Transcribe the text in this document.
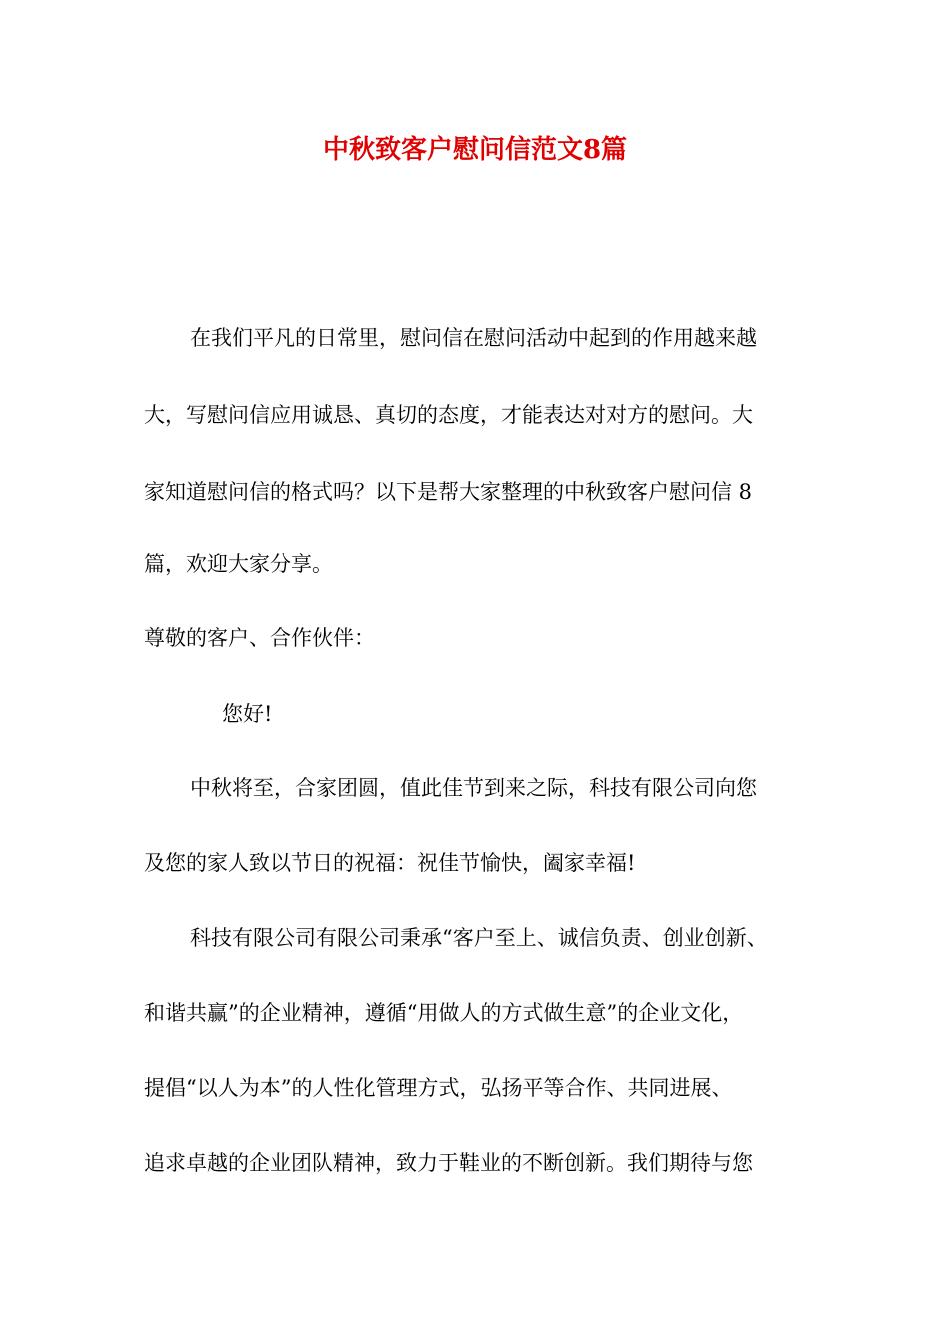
中秋致客户慰问信范文8篇
在我们平凡的日常里，慰问信在慰问活动中起到的作用越来越
大，写慰问信应用诚恳、真切的态度，才能表达对对方的慰问。大
家知道慰问信的格式吗？以下是帮大家整理的中秋致客户慰问信 8
篇，欢迎大家分享。
尊敬的客户、合作伙伴：
您好!
中秋将至，合家团圆，值此佳节到来之际，科技有限公司向您
及您的家人致以节日的祝福：祝佳节愉快，阖家幸福!
科技有限公司有限公司秉承“客户至上、诚信负责、创业创新、
和谐共赢”的企业精神，遵循“用做人的方式做生意”的企业文化，
提倡“以人为本”的人性化管理方式，弘扬平等合作、共同进展、
追求卓越的企业团队精神，致力于鞋业的不断创新。我们期待与您
